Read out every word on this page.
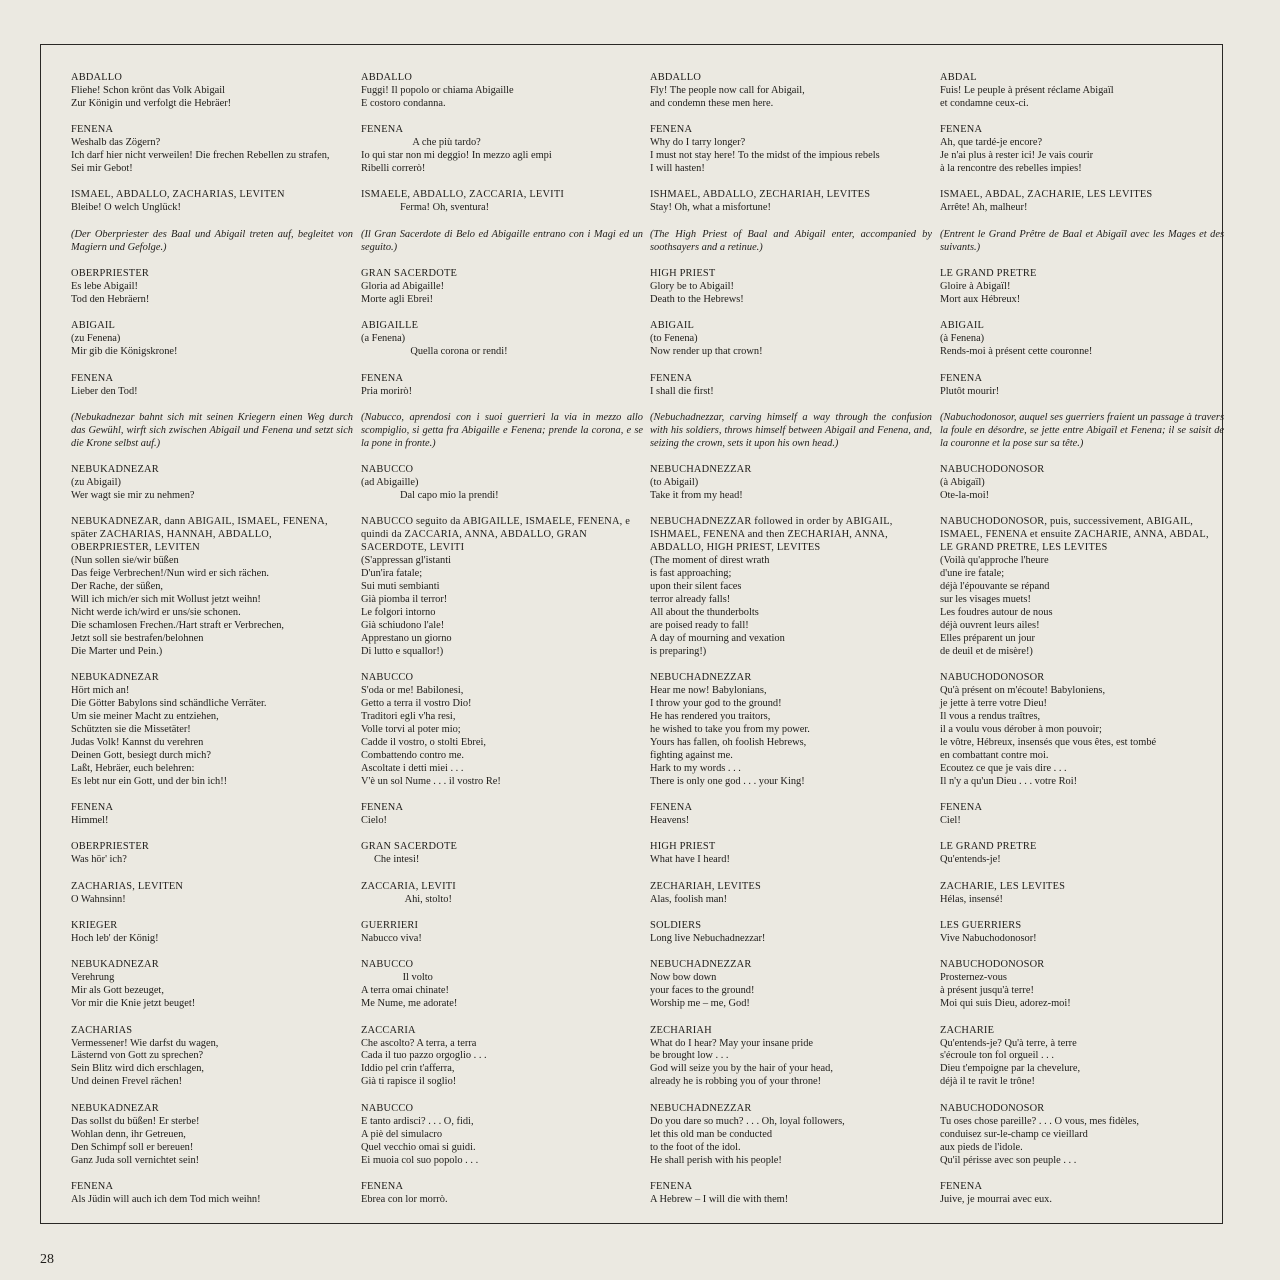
ABDALLO
Fliehe! Schon krönt das Volk Abigail
Zur Königin und verfolgt die Hebräer!
FENENA
Weshalb das Zögern?
Ich darf hier nicht verweilen! Die frechen Rebellen zu strafen,
Sei mir Gebot!
ISMAEL, ABDALLO, ZACHARIAS, LEVITEN
Bleibe! O welch Unglück!
(Der Oberpriester des Baal und Abigail treten auf, begleitet von Magiern und Gefolge.)
OBERPRIESTER
Es lebe Abigail!
Tod den Hebräern!
ABIGAIL
(zu Fenena)
Mir gib die Königskrone!
FENENA
Lieber den Tod!
(Nebukadnezar bahnt sich mit seinen Kriegern einen Weg durch das Gewühl, wirft sich zwischen Abigail und Fenena und setzt sich die Krone selbst auf.)
NEBUKADNEZAR
(zu Abigail)
Wer wagt sie mir zu nehmen?
NEBUKADNEZAR, dann ABIGAIL, ISMAEL, FENENA, später ZACHARIAS, HANNAH, ABDALLO, OBERPRIESTER, LEVITEN
(Nun sollen sie/wir büßen
Das feige Verbrechen!/Nun wird er sich rächen.
Der Rache, der süßen,
Will ich mich/er sich mit Wollust jetzt weihn!
Nicht werde ich/wird er uns/sie schonen.
Die schamlosen Frechen./Hart straft er Verbrechen,
Jetzt soll sie bestrafen/belohnen
Die Marter und Pein.)
NEBUKADNEZAR
Hört mich an!
Die Götter Babylons sind schändliche Verräter.
Um sie meiner Macht zu entziehen,
Schützten sie die Missetäter!
Judas Volk! Kannst du verehren
Deinen Gott, besiegt durch mich?
Laßt, Hebräer, euch belehren:
Es lebt nur ein Gott, und der bin ich!!
FENENA
Himmel!
OBERPRIESTER
Was hör' ich?
ZACHARIAS, LEVITEN
O Wahnsinn!
KRIEGER
Hoch leb' der König!
NEBUKADNEZAR
Verehrung
Mir als Gott bezeuget,
Vor mir die Knie jetzt beuget!
ZACHARIAS
Vermessener! Wie darfst du wagen,
Lästernd von Gott zu sprechen?
Sein Blitz wird dich erschlagen,
Und deinen Frevel rächen!
NEBUKADNEZAR
Das sollst du büßen! Er sterbe!
Wohlan denn, ihr Getreuen,
Den Schimpf soll er bereuen!
Ganz Juda soll vernichtet sein!
FENENA
Als Jüdin will auch ich dem Tod mich weihn!
ABDALLO
Fuggi! Il popolo or chiama Abigaille
E costoro condanna.
FENENA
A che più tardo?
Io qui star non mi deggio! In mezzo agli empi
Ribelli correrò!
ISMAELE, ABDALLO, ZACCARIA, LEVITI
Ferma! Oh, sventura!
(Il Gran Sacerdote di Belo ed Abigaille entrano con i Magi ed un seguito.)
GRAN SACERDOTE
Gloria ad Abigaille!
Morte agli Ebrei!
ABIGAILLE
(a Fenena)
Quella corona or rendi!
FENENA
Pria morirò!
(Nabucco, aprendosi con i suoi guerrieri la via in mezzo allo scompiglio, si getta fra Abigaille e Fenena; prende la corona, e se la pone in fronte.)
NABUCCO
(ad Abigaille)
Dal capo mio la prendi!
NABUCCO seguito da ABIGAILLE, ISMAELE, FENENA, e quindi da ZACCARIA, ANNA, ABDALLO, GRAN SACERDOTE, LEVITI
(S'appressan gl'istanti
D'un'ira fatale;
Sui muti sembianti
Già piomba il terror!
Le folgori intorno
Già schiudono l'ale!
Apprestano un giorno
Di lutto e squallor!)
NABUCCO
S'oda or me! Babilonesi,
Getto a terra il vostro Dio!
Traditori egli v'ha resi,
Volle torvi al poter mio;
Cadde il vostro, o stolti Ebrei,
Combattendo contro me.
Ascoltate i detti miei . . .
V'è un sol Nume . . . il vostro Re!
FENENA
Cielo!
GRAN SACERDOTE
Che intesi!
ZACCARIA, LEVITI
Ahi, stolto!
GUERRIERI
Nabucco viva!
NABUCCO
Il volto
A terra omai chinate!
Me Nume, me adorate!
ZACCARIA
Che ascolto? A terra, a terra
Cada il tuo pazzo orgoglio . . .
Iddio pel crin t'afferra,
Già ti rapisce il soglio!
NABUCCO
E tanto ardisci? . . . O, fidi,
A piè del simulacro
Quel vecchio omai si guidi.
Ei muoia col suo popolo . . .
FENENA
Ebrea con lor morrò.
ABDALLO
Fly! The people now call for Abigail,
and condemn these men here.
FENENA
Why do I tarry longer?
I must not stay here! To the midst of the impious rebels
I will hasten!
ISHMAEL, ABDALLO, ZECHARIAH, LEVITES
Stay! Oh, what a misfortune!
(The High Priest of Baal and Abigail enter, accompanied by soothsayers and a retinue.)
HIGH PRIEST
Glory be to Abigail!
Death to the Hebrews!
ABIGAIL
(to Fenena)
Now render up that crown!
FENENA
I shall die first!
(Nebuchadnezzar, carving himself a way through the confusion with his soldiers, throws himself between Abigail and Fenena, and, seizing the crown, sets it upon his own head.)
NEBUCHADNEZZAR
(to Abigail)
Take it from my head!
NEBUCHADNEZZAR followed in order by ABIGAIL, ISHMAEL, FENENA and then ZECHARIAH, ANNA, ABDALLO, HIGH PRIEST, LEVITES
(The moment of direst wrath
is fast approaching;
upon their silent faces
terror already falls!
All about the thunderbolts
are poised ready to fall!
A day of mourning and vexation
is preparing!)
NEBUCHADNEZZAR
Hear me now! Babylonians,
I throw your god to the ground!
He has rendered you traitors,
he wished to take you from my power.
Yours has fallen, oh foolish Hebrews,
fighting against me.
Hark to my words . . .
There is only one god . . . your King!
FENENA
Heavens!
HIGH PRIEST
What have I heard!
ZECHARIAH, LEVITES
Alas, foolish man!
SOLDIERS
Long live Nebuchadnezzar!
NEBUCHADNEZZAR
Now bow down
your faces to the ground!
Worship me – me, God!
ZECHARIAH
What do I hear? May your insane pride
be brought low . . .
God will seize you by the hair of your head,
already he is robbing you of your throne!
NEBUCHADNEZZAR
Do you dare so much? . . . Oh, loyal followers,
let this old man be conducted
to the foot of the idol.
He shall perish with his people!
FENENA
A Hebrew – I will die with them!
ABDAL
Fuis! Le peuple à présent réclame Abigaïl
et condamne ceux-ci.
FENENA
Ah, que tardé-je encore?
Je n'ai plus à rester ici! Je vais courir
à la rencontre des rebelles impies!
ISMAEL, ABDAL, ZACHARIE, LES LEVITES
Arrête! Ah, malheur!
(Entrent le Grand Prêtre de Baal et Abigaïl avec les Mages et des suivants.)
LE GRAND PRETRE
Gloire à Abigaïl!
Mort aux Hébreux!
ABIGAIL
(à Fenena)
Rends-moi à présent cette couronne!
FENENA
Plutôt mourir!
(Nabuchodonosor, auquel ses guerriers fraient un passage à travers la foule en désordre, se jette entre Abigaïl et Fenena; il se saisit de la couronne et la pose sur sa tête.)
NABUCHODONOSOR
(à Abigaïl)
Ote-la-moi!
NABUCHODONOSOR, puis, successivement, ABIGAIL, ISMAEL, FENENA et ensuite ZACHARIE, ANNA, ABDAL, LE GRAND PRETRE, LES LEVITES
(Voilà qu'approche l'heure
d'une ire fatale;
déjà l'épouvante se répand
sur les visages muets!
Les foudres autour de nous
déjà ouvrent leurs ailes!
Elles préparent un jour
de deuil et de misère!)
NABUCHODONOSOR
Qu'à présent on m'écoute! Babyloniens,
je jette à terre votre Dieu!
Il vous a rendus traîtres,
il a voulu vous dérober à mon pouvoir;
le vôtre, Hébreux, insensés que vous êtes, est tombé
en combattant contre moi.
Ecoutez ce que je vais dire . . .
Il n'y a qu'un Dieu . . . votre Roi!
FENENA
Ciel!
LE GRAND PRETRE
Qu'entends-je!
ZACHARIE, LES LEVITES
Hélas, insensé!
LES GUERRIERS
Vive Nabuchodonosor!
NABUCHODONOSOR
Prosternez-vous
à présent jusqu'à terre!
Moi qui suis Dieu, adorez-moi!
ZACHARIE
Qu'entends-je? Qu'à terre, à terre
s'écroule ton fol orgueil . . .
Dieu t'empoigne par la chevelure,
déjà il te ravit le trône!
NABUCHODONOSOR
Tu oses chose pareille? . . . O vous, mes fidèles,
conduisez sur-le-champ ce vieillard
aux pieds de l'idole.
Qu'il périsse avec son peuple . . .
FENENA
Juive, je mourrai avec eux.
28
